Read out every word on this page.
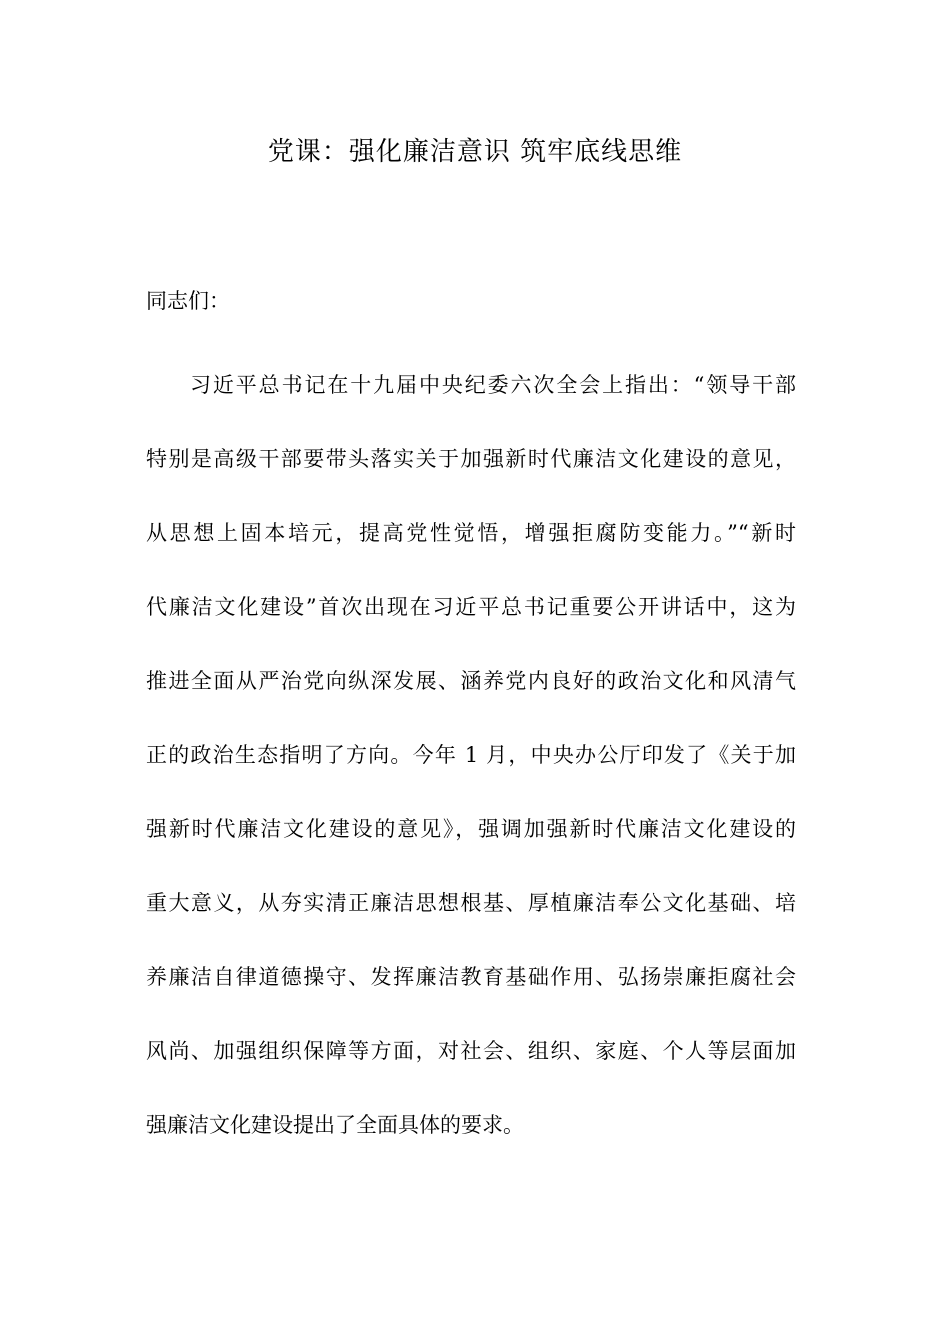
党课：强化廉洁意识 筑牢底线思维
同志们：
习近平总书记在十九届中央纪委六次全会上指出：“领导干部
特别是高级干部要带头落实关于加强新时代廉洁文化建设的意见，
从思想上固本培元，提高党性觉悟，增强拒腐防变能力。”“新时
代廉洁文化建设”首次出现在习近平总书记重要公开讲话中，这为
推进全面从严治党向纵深发展、涵养党内良好的政治文化和风清气
正的政治生态指明了方向。今年 1 月，中央办公厅印发了《关于加
强新时代廉洁文化建设的意见》，强调加强新时代廉洁文化建设的
重大意义，从夯实清正廉洁思想根基、厚植廉洁奉公文化基础、培
养廉洁自律道德操守、发挥廉洁教育基础作用、弘扬崇廉拒腐社会
风尚、加强组织保障等方面，对社会、组织、家庭、个人等层面加
强廉洁文化建设提出了全面具体的要求。
